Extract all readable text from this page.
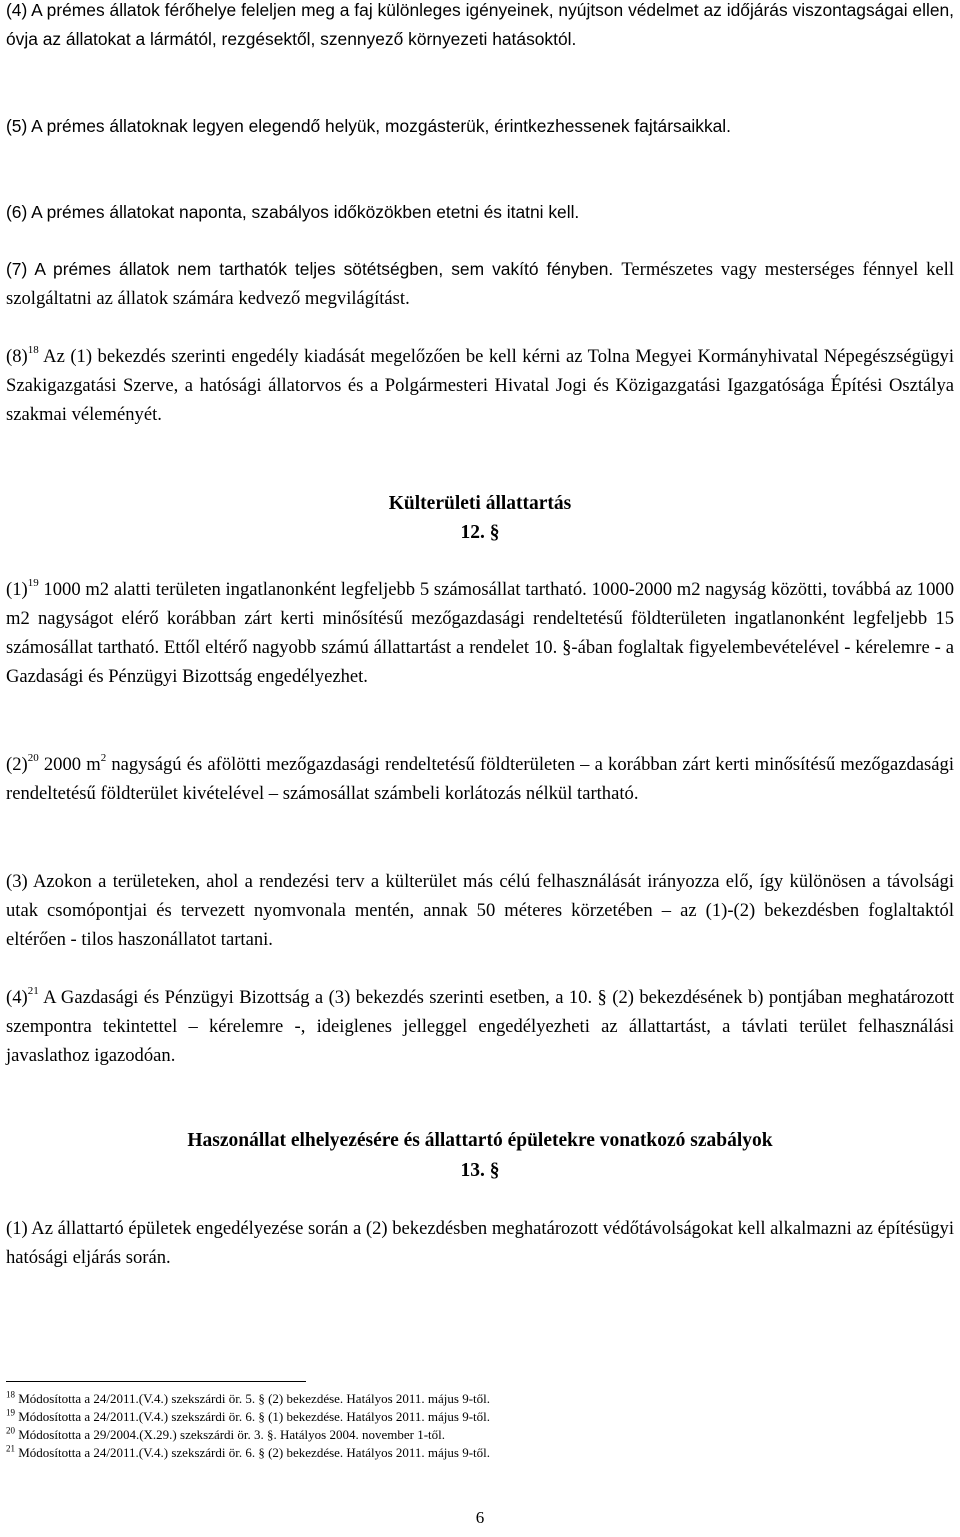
(4) A prémes állatok férőhelye feleljen meg a faj különleges igényeinek, nyújtson védelmet az időjárás viszontagságai ellen, óvja az állatokat a lármától, rezgésektől, szennyező környezeti hatásoktól.

(5) A prémes állatoknak legyen elegendő helyük, mozgásterük, érintkezhessenek fajtársaikkal.

(6) A prémes állatokat naponta, szabályos időközökben etetni és itatni kell.

(7) A prémes állatok nem tarthatók teljes sötétségben, sem vakító fényben. Természetes vagy mesterséges fénnyel kell szolgáltatni az állatok számára kedvező megvilágítást.

$(8)^{18}$ Az (1) bekezdés szerinti engedély kiadását megelőzően be kell kérni az Tolna Megyei Kormányhivatal Népegészségügyi Szakigazgatási Szerve, a hatósági állatorvos és a Polgármesteri Hivatal Jogi és Közigazgatási Igazgatósága Építési Osztálya szakmai véleményét.

Külterületi állattartás
12. §

$(1)^{19}$ 1000 m2 alatti területen ingatlanonként legfeljebb 5 számosállat tartható. 1000-2000 m2 nagyság közötti, továbbá az 1000 m2 nagyságot elérő korábban zárt kerti minősítésű mezőgazdasági rendeltetésű földterületen ingatlanonként legfeljebb 15 számosállat tartható. Ettől eltérő nagyobb számú állattartást a rendelet 10. §-ában foglaltak figyelembevételével - kérelemre - a Gazdasági és Pénzügyi Bizottság engedélyezhet.

$(2)^{20}$ 2000 $m^2$ nagyságú és afölötti mezőgazdasági rendeltetésű földterületen – a korábban zárt kerti minősítésű mezőgazdasági rendeltetésű földterület kivételével – számosállat számbeli korlátozás nélkül tartható.

(3) Azokon a területeken, ahol a rendezési terv a külterület más célú felhasználását irányozza elő, így különösen a távolsági utak csomópontjai és tervezett nyomvonala mentén, annak 50 méteres körzetében – az (1)-(2) bekezdésben foglaltaktól eltérően - tilos haszonállatot tartani.

$(4)^{21}$ A Gazdasági és Pénzügyi Bizottság a (3) bekezdés szerinti esetben, a 10. § (2) bekezdésének b) pontjában meghatározott szempontra tekintettel – kérelemre -, ideiglenes jelleggel engedélyezheti az állattartást, a távlati terület felhasználási javaslathoz igazodóan.

Haszonállat elhelyezésére és állattartó épületekre vonatkozó szabályok
13. §

(1) Az állattartó épületek engedélyezése során a (2) bekezdésben meghatározott védőtávolságokat kell alkalmazni az építésügyi hatósági eljárás során.

$^{18}$ Módosította a 24/2011.(V.4.) szekszárdi ör. 5. § (2) bekezdése. Hatályos 2011. május 9-től.
$^{19}$ Módosította a 24/2011.(V.4.) szekszárdi ör. 6. § (1) bekezdése. Hatályos 2011. május 9-től.
$^{20}$ Módosította a 29/2004.(X.29.) szekszárdi ör. 3. §. Hatályos 2004. november 1-től.
$^{21}$ Módosította a 24/2011.(V.4.) szekszárdi ör. 6. § (2) bekezdése. Hatályos 2011. május 9-től.
6
